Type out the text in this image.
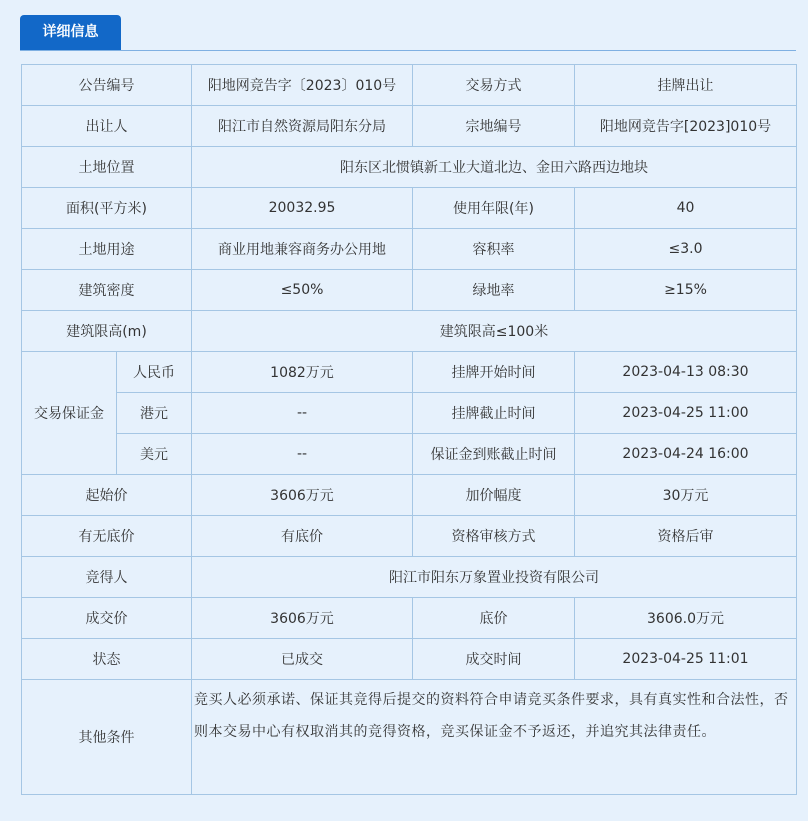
详细信息
公告编号		阳地网竞告字〔2023〕010号	交易方式	挂牌出让
出让人		阳江市自然资源局阳东分局	宗地编号	阳地网竞告字[2023]010号
土地位置		阳东区北惯镇新工业大道北边、金田六路西边地块		
面积(平方米)		20032.95	使用年限(年)	40
土地用途		商业用地兼容商务办公用地	容积率	≤3.0
建筑密度		≤50%	绿地率	≥15%
建筑限高(m)		建筑限高≤100米		
交易保证金	人民币	1082万元	挂牌开始时间	2023-04-13 08:30
	港元	--	挂牌截止时间	2023-04-25 11:00
	美元	--	保证金到账截止时间	2023-04-24 16:00
起始价		3606万元	加价幅度	30万元
有无底价		有底价	资格审核方式	资格后审
竞得人		阳江市阳东万象置业投资有限公司		
成交价		3606万元	底价	3606.0万元
状态		已成交	成交时间	2023-04-25 11:01
其他条件		竞买人必须承诺、保证其竞得后提交的资料符合申请竞买条件要求，具有真实性和合法性，否则本交易中心有权取消其的竞得资格，竞买保证金不予返还，并追究其法律责任。		
